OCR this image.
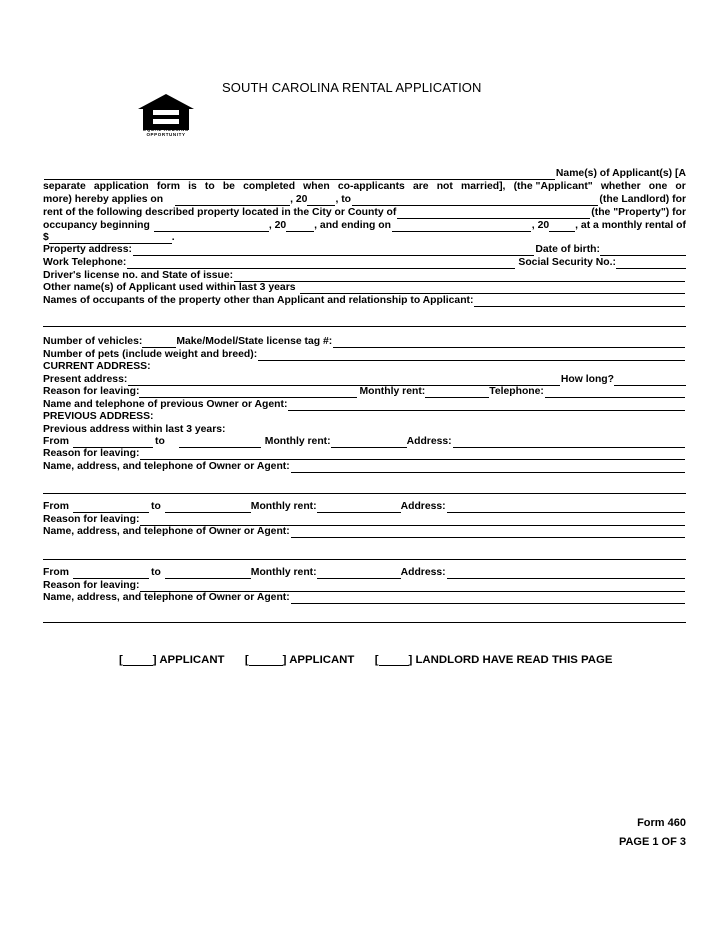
SOUTH CAROLINA RENTAL APPLICATION
EQUAL HOUSING OPPORTUNITY
Name(s) of Applicant(s) [A
separate application form is to be completed when co-applicants are not married], (the "Applicant" whether one or
more) hereby applies on	, 20	, to	(the Landlord) for
rent of the following described property located in the City or County of	(the "Property") for
occupancy beginning	, 20	, and ending on	, 20	, at a monthly rental of
$	.
Property address:	Date of birth:
Work Telephone:	Social Security No.:
Driver's license no. and State of issue:
Other name(s) of Applicant used within last 3 years
Names of occupants of the property other than Applicant and relationship to Applicant:
Number of vehicles:	Make/Model/State license tag #:
Number of pets (include weight and breed):
CURRENT ADDRESS:
Present address:	How long?
Reason for leaving:	Monthly rent:	Telephone:
Name and telephone of previous Owner or Agent:
PREVIOUS ADDRESS:
Previous address within last 3 years:
From	to	Monthly rent:	Address:
Reason for leaving:
Name, address, and telephone of Owner or Agent:
From	to	Monthly rent:	Address:
Reason for leaving:
Name, address, and telephone of Owner or Agent:
From	to	Monthly rent:	Address:
Reason for leaving:
Name, address, and telephone of Owner or Agent:
[	] APPLICANT [	] APPLICANT [	] LANDLORD HAVE READ THIS PAGE
Form 460
PAGE 1 OF 3
